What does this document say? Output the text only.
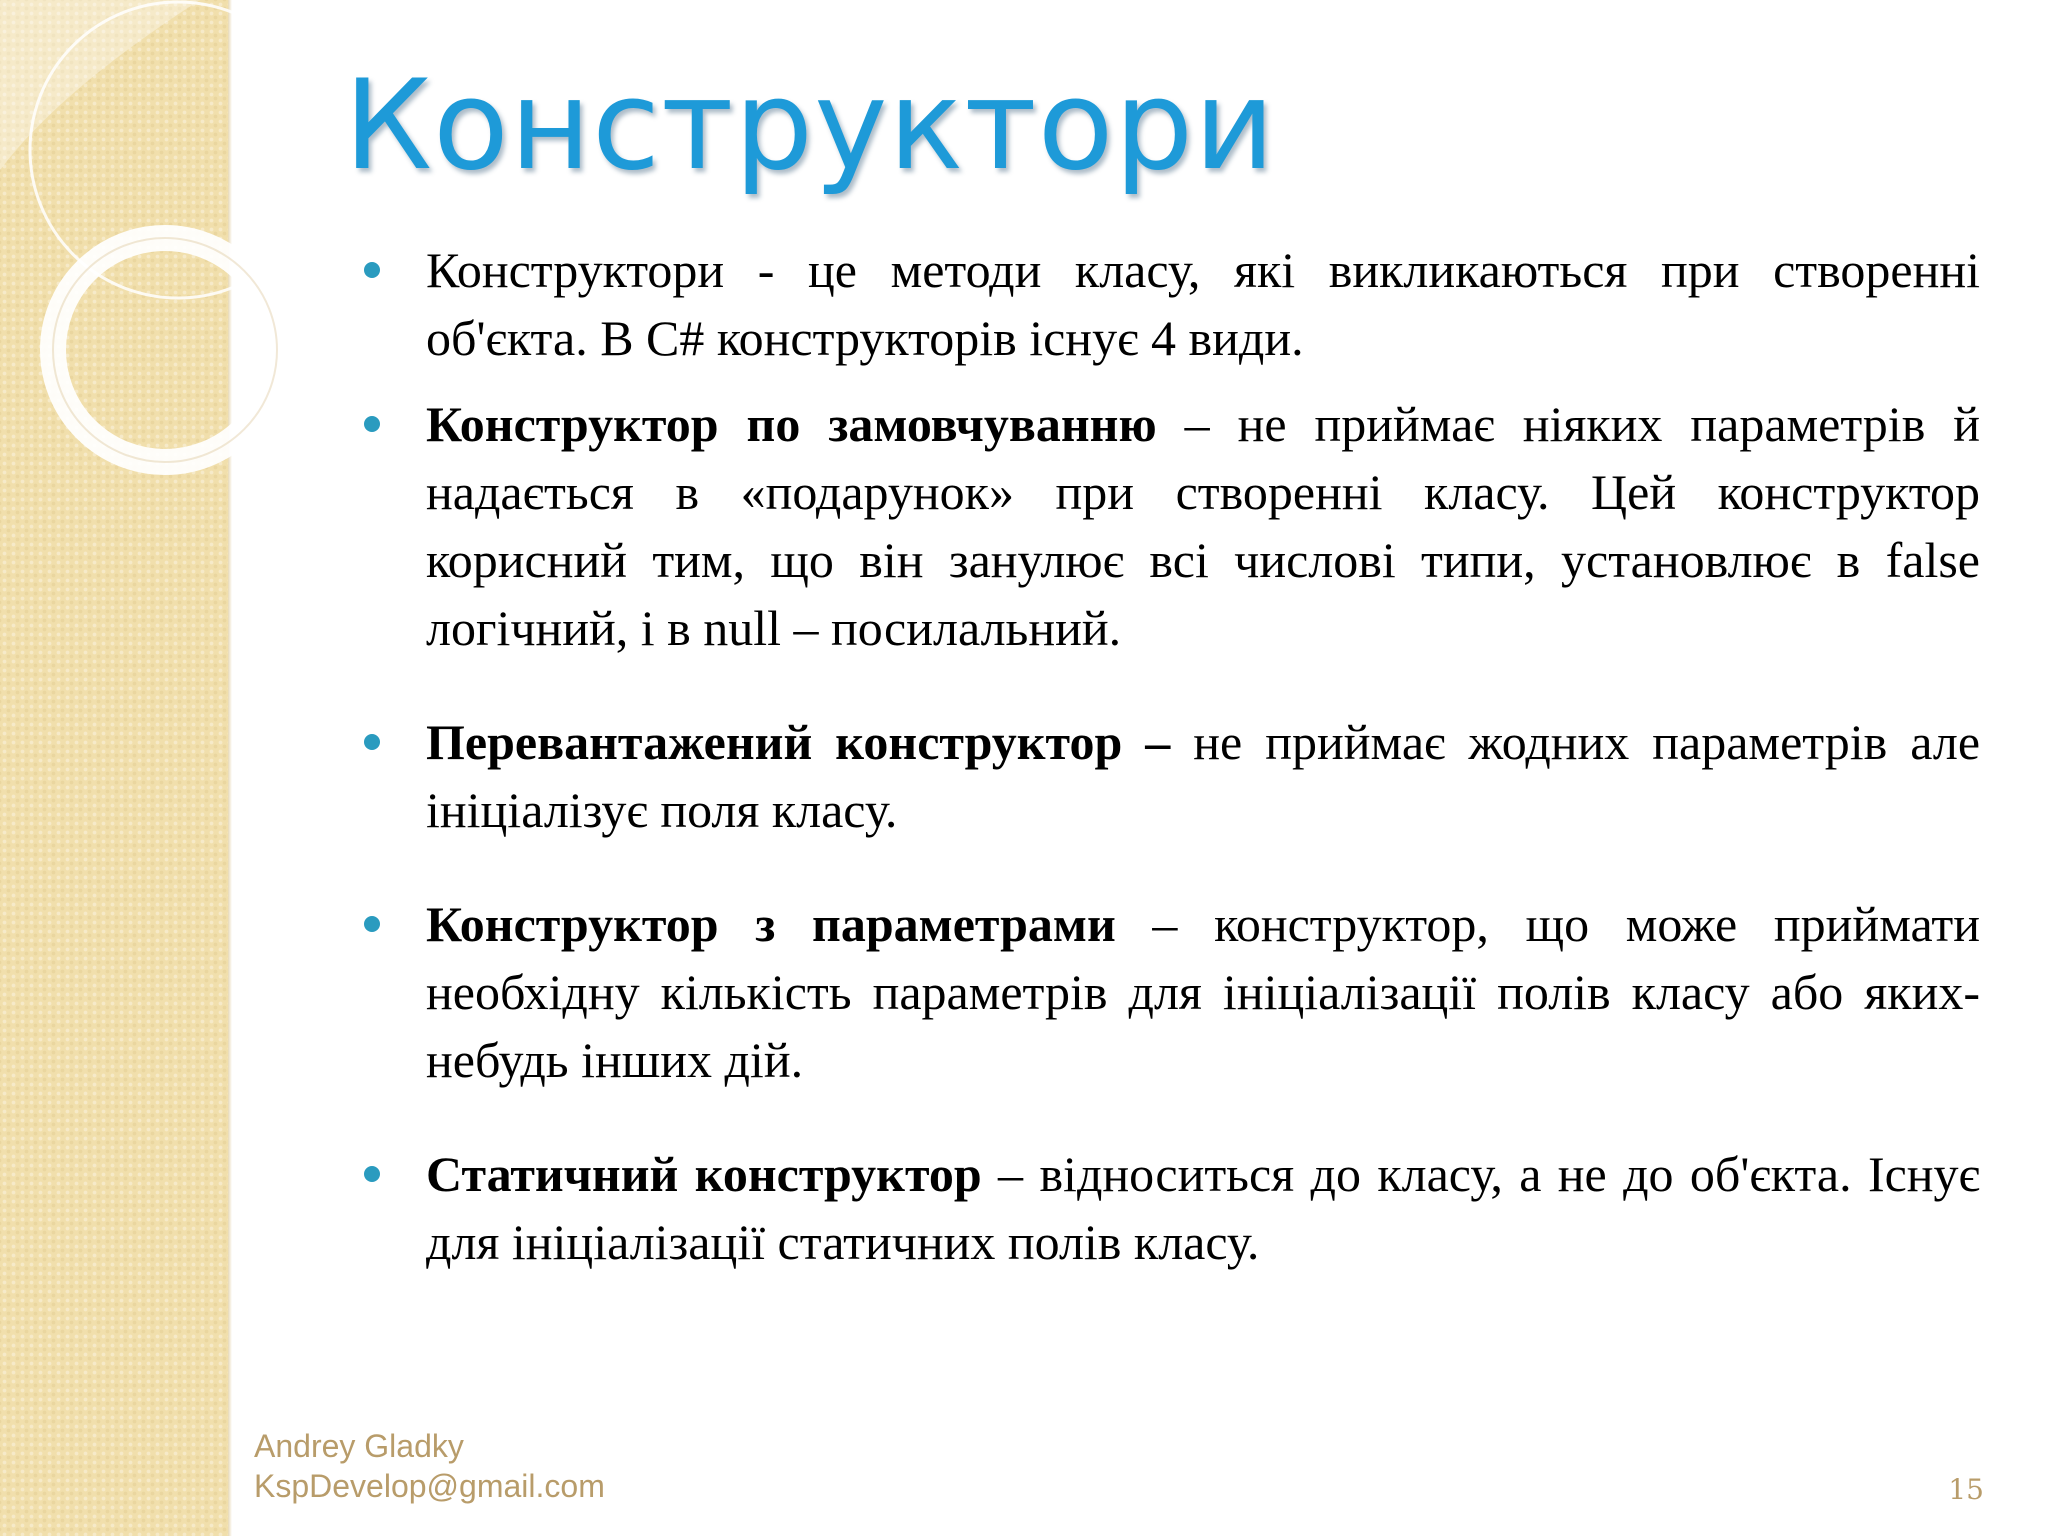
Конструктори
Конструктори - це методи класу, які викликаються при створенні об'єкта. В C# конструкторів існує 4 види.
Конструктор по замовчуванню – не приймає ніяких параметрів й надається в «подарунок» при створенні класу. Цей конструктор корисний тим, що він занулює всі числові типи, установлює в false логічний, і в null – посилальний.
Перевантажений конструктор – не приймає жодних параметрів але ініціалізує поля класу.
Конструктор з параметрами – конструктор, що може приймати необхідну кількість параметрів для ініціалізації полів класу або яких-небудь інших дій.
Статичний конструктор – відноситься до класу, а не до об'єкта. Існує для ініціалізації статичних полів класу.
Andrey Gladky
KspDevelop@gmail.com	15
